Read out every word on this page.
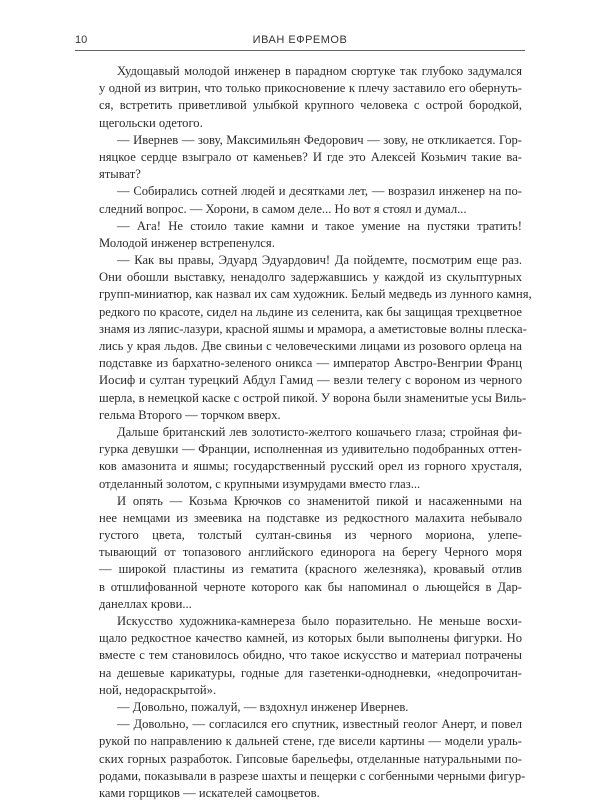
10	ИВАН ЕФРЕМОВ
Худощавый молодой инженер в парадном сюртуке так глубоко задумался
у одной из витрин, что только прикосновение к плечу заставило его обернуть-
ся, встретить приветливой улыбкой крупного человека с острой бородкой,
щегольски одетого.
— Ивернев — зову, Максимильян Федорович — зову, не откликается. Гор-
няцкое сердце взыграло от каменьев? И где это Алексей Козьмич такие ва-
ятыват?
— Собирались сотней людей и десятками лет, — возразил инженер на по-
следний вопрос. — Хорони, в самом деле... Но вот я стоял и думал...
— Ага! Не стоило такие камни и такое умение на пустяки тратить!
Молодой инженер встрепенулся.
— Как вы правы, Эдуард Эдуардович! Да пойдемте, посмотрим еще раз.
Они обошли выставку, ненадолго задержавшись у каждой из скульптурных
групп-миниатюр, как назвал их сам художник. Белый медведь из лунного камня,
редкого по красоте, сидел на льдине из селенита, как бы защищая трехцветное
знамя из ляпис-лазури, красной яшмы и мрамора, а аметистовые волны плеска-
лись у края льдов. Две свиньи с человеческими лицами из розового орлеца на
подставке из бархатно-зеленого оникса — император Австро-Венгрии Франц
Иосиф и султан турецкий Абдул Гамид — везли телегу с вороном из черного
шерла, в немецкой каске с острой пикой. У ворона были знаменитые усы Виль-
гельма Второго — торчком вверх.
Дальше британский лев золотисто-желтого кошачьего глаза; стройная фи-
гурка девушки — Франции, исполненная из удивительно подобранных оттен-
ков амазонита и яшмы; государственный русский орел из горного хрусталя,
отделанный золотом, с крупными изумрудами вместо глаз...
И опять — Козьма Крючков со знаменитой пикой и насаженными на
нее немцами из змеевика на подставке из редкостного малахита небывало
густого цвета, толстый султан-свинья из черного мориона, улепе-
тывающий от топазового английского единорога на берегу Черного моря
— широкой пластины из гематита (красного железняка), кровавый отлив
в отшлифованной черноте которого как бы напоминал о льющейся в Дар-
данеллах крови...
Искусство художника-камнереза было поразительно. Не меньше восхи-
щало редкостное качество камней, из которых были выполнены фигурки. Но
вместе с тем становилось обидно, что такое искусство и материал потрачены
на дешевые карикатуры, годные для газетенки-однодневки, «недопрочитан-
ной, недораскрытой».
— Довольно, пожалуй, — вздохнул инженер Ивернев.
— Довольно, — согласился его спутник, известный геолог Анерт, и повел
рукой по направлению к дальней стене, где висели картины — модели ураль-
ских горных разработок. Гипсовые барельефы, отделанные натуральными по-
родами, показывали в разрезе шахты и пещерки с согбенными черными фигур-
ками горщиков — искателей самоцветов.
